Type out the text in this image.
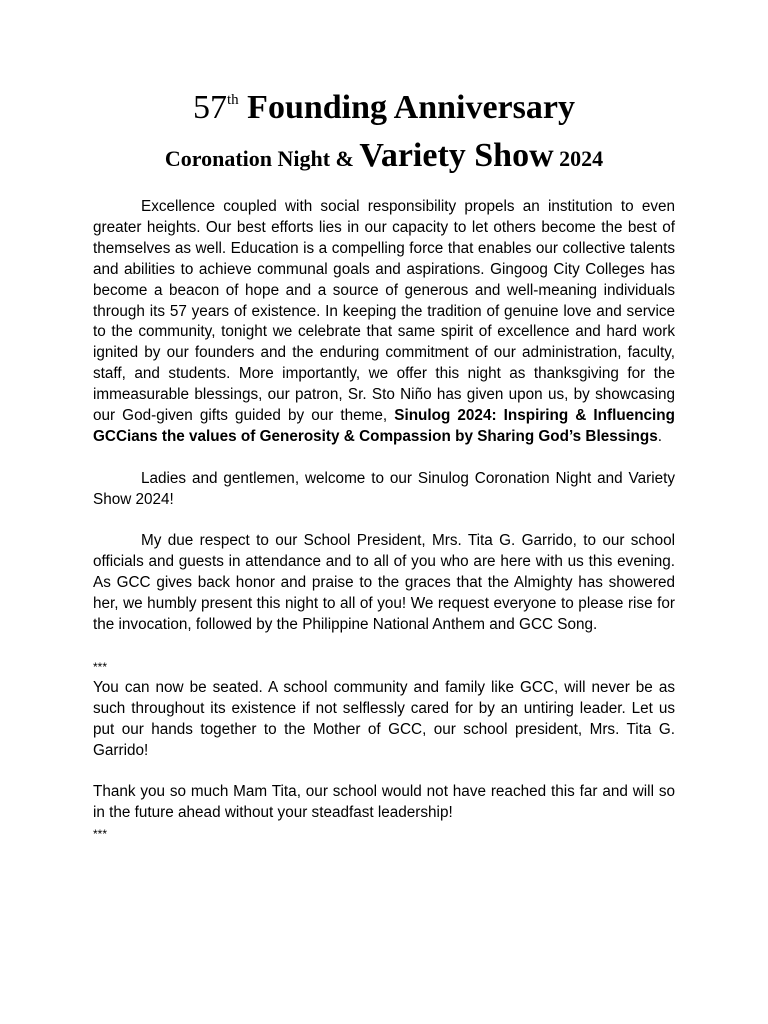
57th Founding Anniversary
Coronation Night & Variety Show 2024

Excellence coupled with social responsibility propels an institution to even greater heights. Our best efforts lies in our capacity to let others become the best of themselves as well. Education is a compelling force that enables our collective talents and abilities to achieve communal goals and aspirations. Gingoog City Colleges has become a beacon of hope and a source of generous and well-meaning individuals through its 57 years of existence. In keeping the tradition of genuine love and service to the community, tonight we celebrate that same spirit of excellence and hard work ignited by our founders and the enduring commitment of our administration, faculty, staff, and students. More importantly, we offer this night as thanksgiving for the immeasurable blessings, our patron, Sr. Sto Niño has given upon us, by showcasing our God-given gifts guided by our theme, Sinulog 2024: Inspiring & Influencing GCCians the values of Generosity & Compassion by Sharing God’s Blessings.

Ladies and gentlemen, welcome to our Sinulog Coronation Night and Variety Show 2024!

My due respect to our School President, Mrs. Tita G. Garrido, to our school officials and guests in attendance and to all of you who are here with us this evening. As GCC gives back honor and praise to the graces that the Almighty has showered her, we humbly present this night to all of you! We request everyone to please rise for the invocation, followed by the Philippine National Anthem and GCC Song.

***

You can now be seated. A school community and family like GCC, will never be as such throughout its existence if not selflessly cared for by an untiring leader. Let us put our hands together to the Mother of GCC, our school president, Mrs. Tita G. Garrido!

Thank you so much Mam Tita, our school would not have reached this far and will so in the future ahead without your steadfast leadership!

***
